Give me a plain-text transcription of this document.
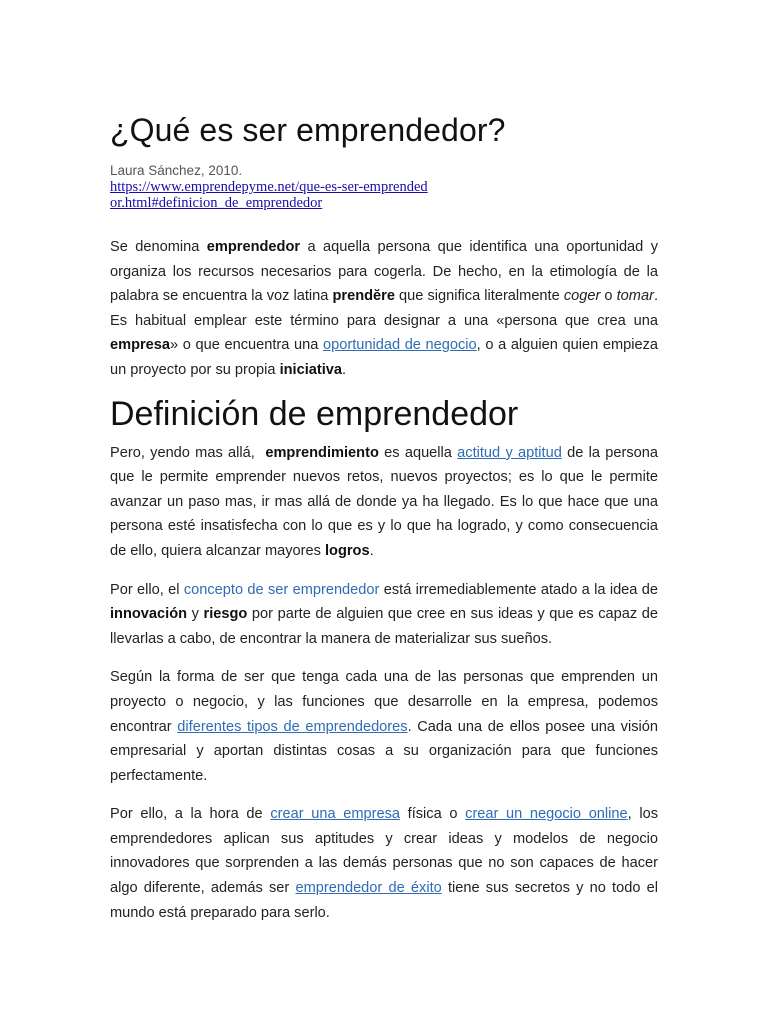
¿Qué es ser emprendedor?
Laura Sánchez, 2010.
https://www.emprendepyme.net/que-es-ser-emprendedor.html#definicion_de_emprendedor

Se denomina emprendedor a aquella persona que identifica una oportunidad y organiza los recursos necesarios para cogerla. De hecho, en la etimología de la palabra se encuentra la voz latina prendĕre que significa literalmente coger o tomar. Es habitual emplear este término para designar a una «persona que crea una empresa» o que encuentra una oportunidad de negocio, o a alguien quien empieza un proyecto por su propia iniciativa.

Definición de emprendedor

Pero, yendo mas allá,  emprendimiento es aquella actitud y aptitud de la persona que le permite emprender nuevos retos, nuevos proyectos; es lo que le permite avanzar un paso mas, ir mas allá de donde ya ha llegado. Es lo que hace que una persona esté insatisfecha con lo que es y lo que ha logrado, y como consecuencia de ello, quiera alcanzar mayores logros.

Por ello, el concepto de ser emprendedor está irremediablemente atado a la idea de innovación y riesgo por parte de alguien que cree en sus ideas y que es capaz de llevarlas a cabo, de encontrar la manera de materializar sus sueños.

Según la forma de ser que tenga cada una de las personas que emprenden un proyecto o negocio, y las funciones que desarrolle en la empresa, podemos encontrar diferentes tipos de emprendedores. Cada una de ellos posee una visión empresarial y aportan distintas cosas a su organización para que funciones perfectamente.

Por ello, a la hora de crear una empresa física o crear un negocio online, los emprendedores aplican sus aptitudes y crear ideas y modelos de negocio innovadores que sorprenden a las demás personas que no son capaces de hacer algo diferente, además ser emprendedor de éxito tiene sus secretos y no todo el mundo está preparado para serlo.
